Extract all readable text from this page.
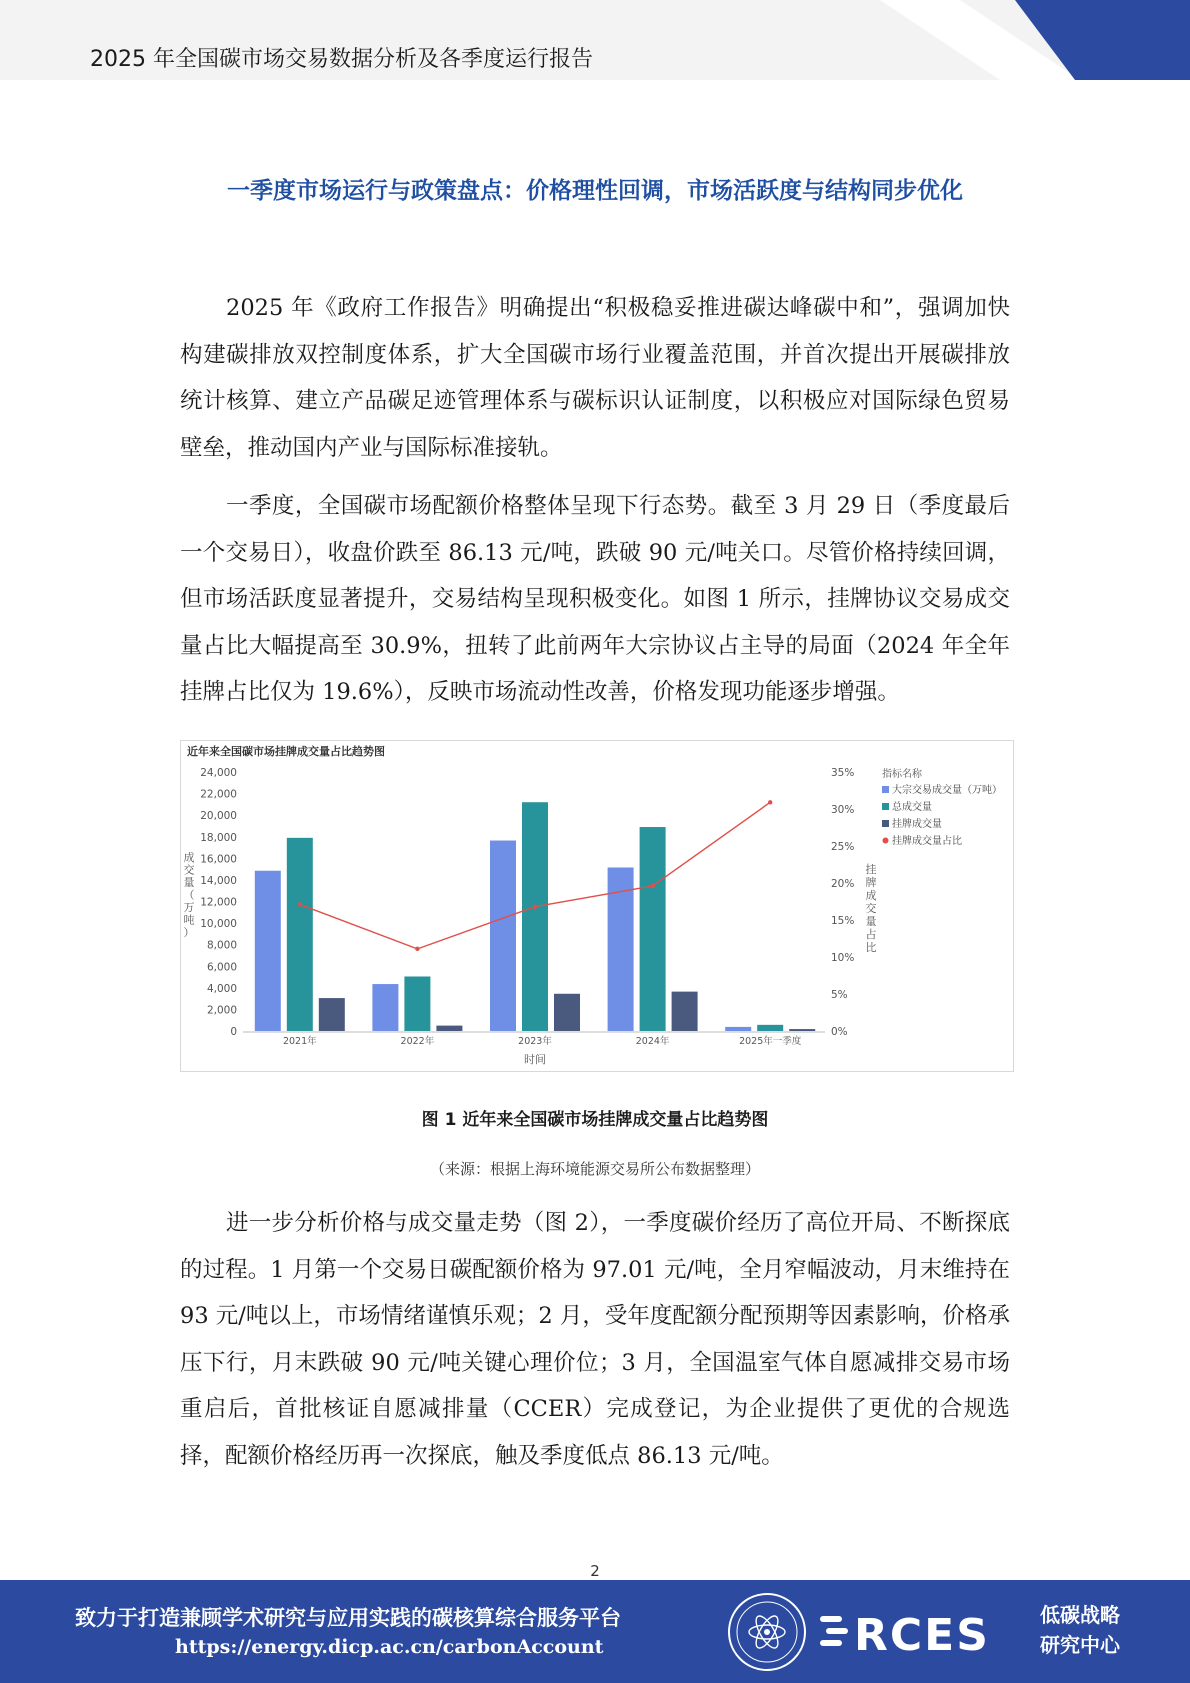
2025 年全国碳市场交易数据分析及各季度运行报告
一季度市场运行与政策盘点：价格理性回调，市场活跃度与结构同步优化

2025 年《政府工作报告》明确提出“积极稳妥推进碳达峰碳中和”，强调加快构建碳排放双控制度体系，扩大全国碳市场行业覆盖范围，并首次提出开展碳排放统计核算、建立产品碳足迹管理体系与碳标识认证制度，以积极应对国际绿色贸易壁垒，推动国内产业与国际标准接轨。

一季度，全国碳市场配额价格整体呈现下行态势。截至 3 月 29 日（季度最后一个交易日），收盘价跌至 86.13 元/吨，跌破 90 元/吨关口。尽管价格持续回调，但市场活跃度显著提升，交易结构呈现积极变化。如图 1 所示，挂牌协议交易成交量占比大幅提高至 30.9%，扭转了此前两年大宗协议占主导的局面（2024 年全年挂牌占比仅为 19.6%），反映市场流动性改善，价格发现功能逐步增强。

近年来全国碳市场挂牌成交量占比趋势图
时间
成
交
量
（
万
吨
）
挂
牌
成
交
量
占
比
指标名称
0
2,000
4,000
6,000
8,000
10,000
12,000
14,000
16,000
18,000
20,000
22,000
24,000
0%
5%
10%
15%
20%
25%
30%
35%
2021年	2022年	2023年	2024年	2025年一季度
大宗交易成交量（万吨）
总成交量
挂牌成交量
挂牌成交量占比
图 1 近年来全国碳市场挂牌成交量占比趋势图
（来源：根据上海环境能源交易所公布数据整理）

进一步分析价格与成交量走势（图 2），一季度碳价经历了高位开局、不断探底的过程。1 月第一个交易日碳配额价格为 97.01 元/吨，全月窄幅波动，月末维持在 93 元/吨以上，市场情绪谨慎乐观；2 月，受年度配额分配预期等因素影响，价格承压下行，月末跌破 90 元/吨关键心理价位；3 月，全国温室气体自愿减排交易市场重启后，首批核证自愿减排量（CCER）完成登记，为企业提供了更优的合规选择，配额价格经历再一次探底，触及季度低点 86.13 元/吨。

2
致力于打造兼顾学术研究与应用实践的碳核算综合服务平台
https://energy.dicp.ac.cn/carbonAccount	RCES	低碳战略
研究中心
